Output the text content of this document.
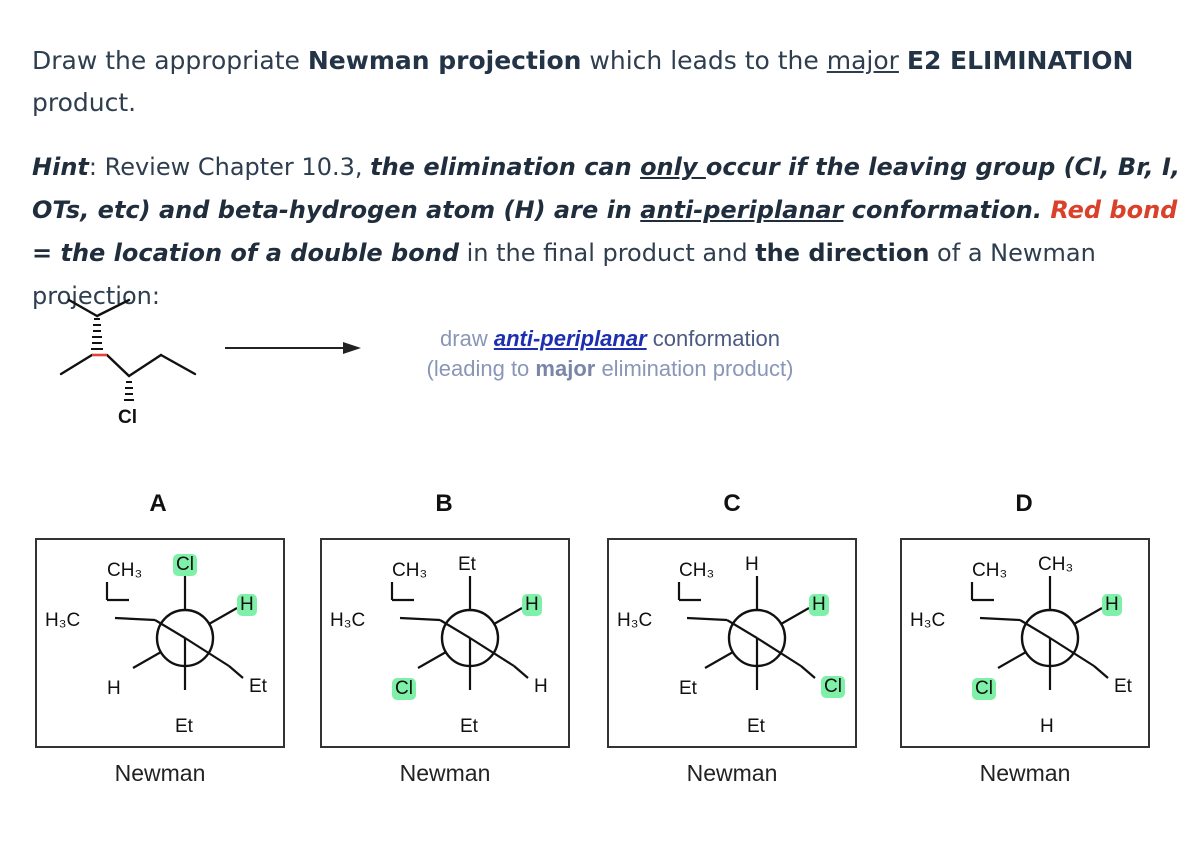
Draw the appropriate Newman projection which leads to the major E2 ELIMINATION
product.
Hint: Review Chapter 10.3, the elimination can only occur if the leaving group (Cl, Br, I, OTs, etc) and beta-hydrogen atom (H) are in anti-periplanar conformation. Red bond = the location of a double bond in the final product and the direction of a Newman projection:
Cl
draw anti-periplanar conformation
(leading to major elimination product)
A
CH₃ Cl
H₃C
H
H	Et
Et
Newman
B
CH₃ Et
H₃C
H
Cl	H
Et
Newman
C
CH₃ H
H₃C
H
Et	Cl
Et
Newman
D
CH₃ CH₃
H₃C
H
Cl	Et
H
Newman
